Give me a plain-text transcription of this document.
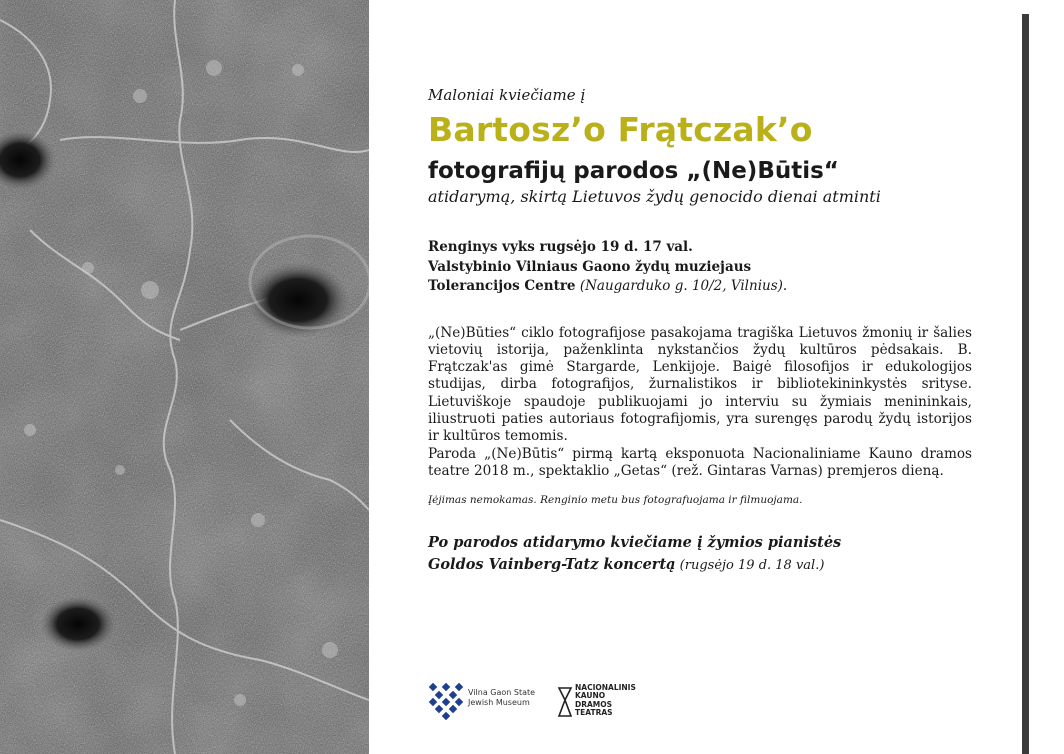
Maloniai kviečiame į

Bartosz’o Frątczak’o

fotografijų parodos „(Ne)Būtis“

atidarymą, skirtą Lietuvos žydų genocido dienai atminti

Renginys vyks rugsėjo 19 d. 17 val.
Valstybinio Vilniaus Gaono žydų muziejaus
Tolerancijos Centre (Naugarduko g. 10/2, Vilnius).

„(Ne)Būties“ ciklo fotografijose pasakojama tragiška Lietuvos žmonių ir šalies vietovių istorija, paženklinta nykstančios žydų kultūros pėdsakais. B. Frątczak'as gimė Stargarde, Lenkijoje. Baigė filosofijos ir edukologijos studijas, dirba fotografijos, žurnalistikos ir bibliotekininkystės srityse. Lietuviškoje spaudoje publikuojami jo interviu su žymiais menininkais, iliustruoti paties autoriaus fotografijomis, yra surengęs parodų žydų istorijos ir kultūros temomis.

Paroda „(Ne)Būtis“ pirmą kartą eksponuota Nacionaliniame Kauno dramos teatre 2018 m., spektaklio „Getas“ (rež. Gintaras Varnas) premjeros dieną.

Įėjimas nemokamas. Renginio metu bus fotografuojama ir filmuojama.
Po parodos atidarymo kviečiame į žymios pianistės
Goldos Vainberg-Tatz koncertą (rugsėjo 19 d. 18 val.)
Vilna Gaon State
Jewish Museum
NACIONALINIS
KAUNO
DRAMOS
TEATRAS
